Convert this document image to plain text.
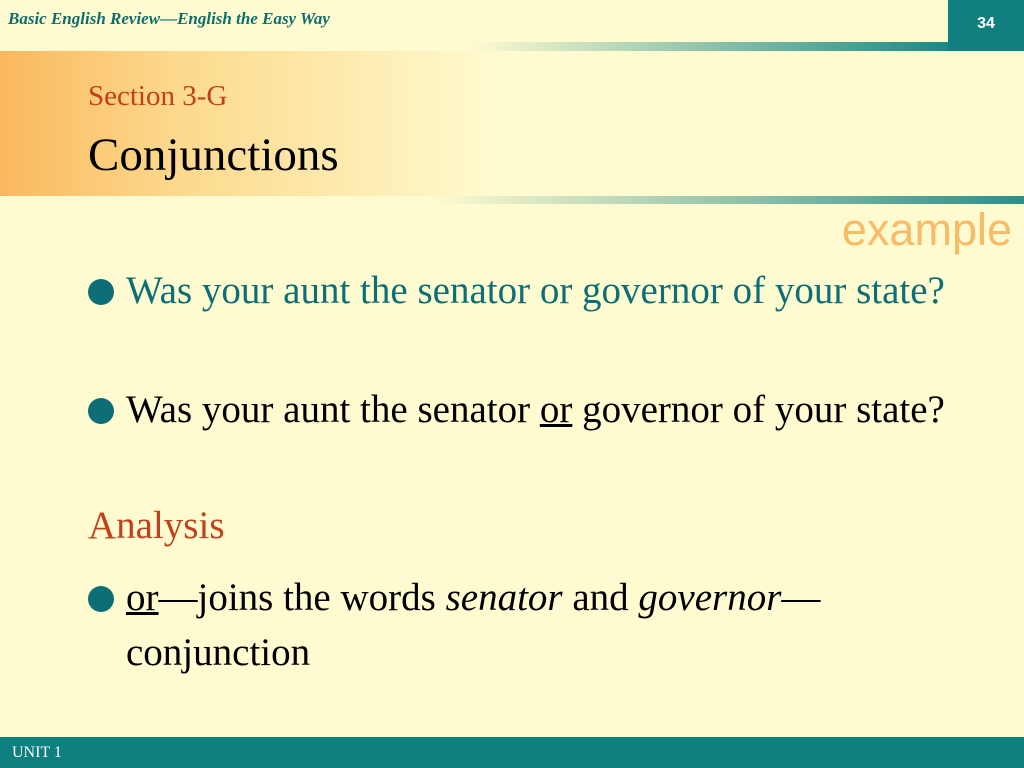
Basic English Review—English the Easy Way	34
Section 3-G
Conjunctions
example
Was your aunt the senator or governor of your state?
Was your aunt the senator or governor of your state?
Analysis
or—joins the words senator and governor—conjunction
UNIT 1
